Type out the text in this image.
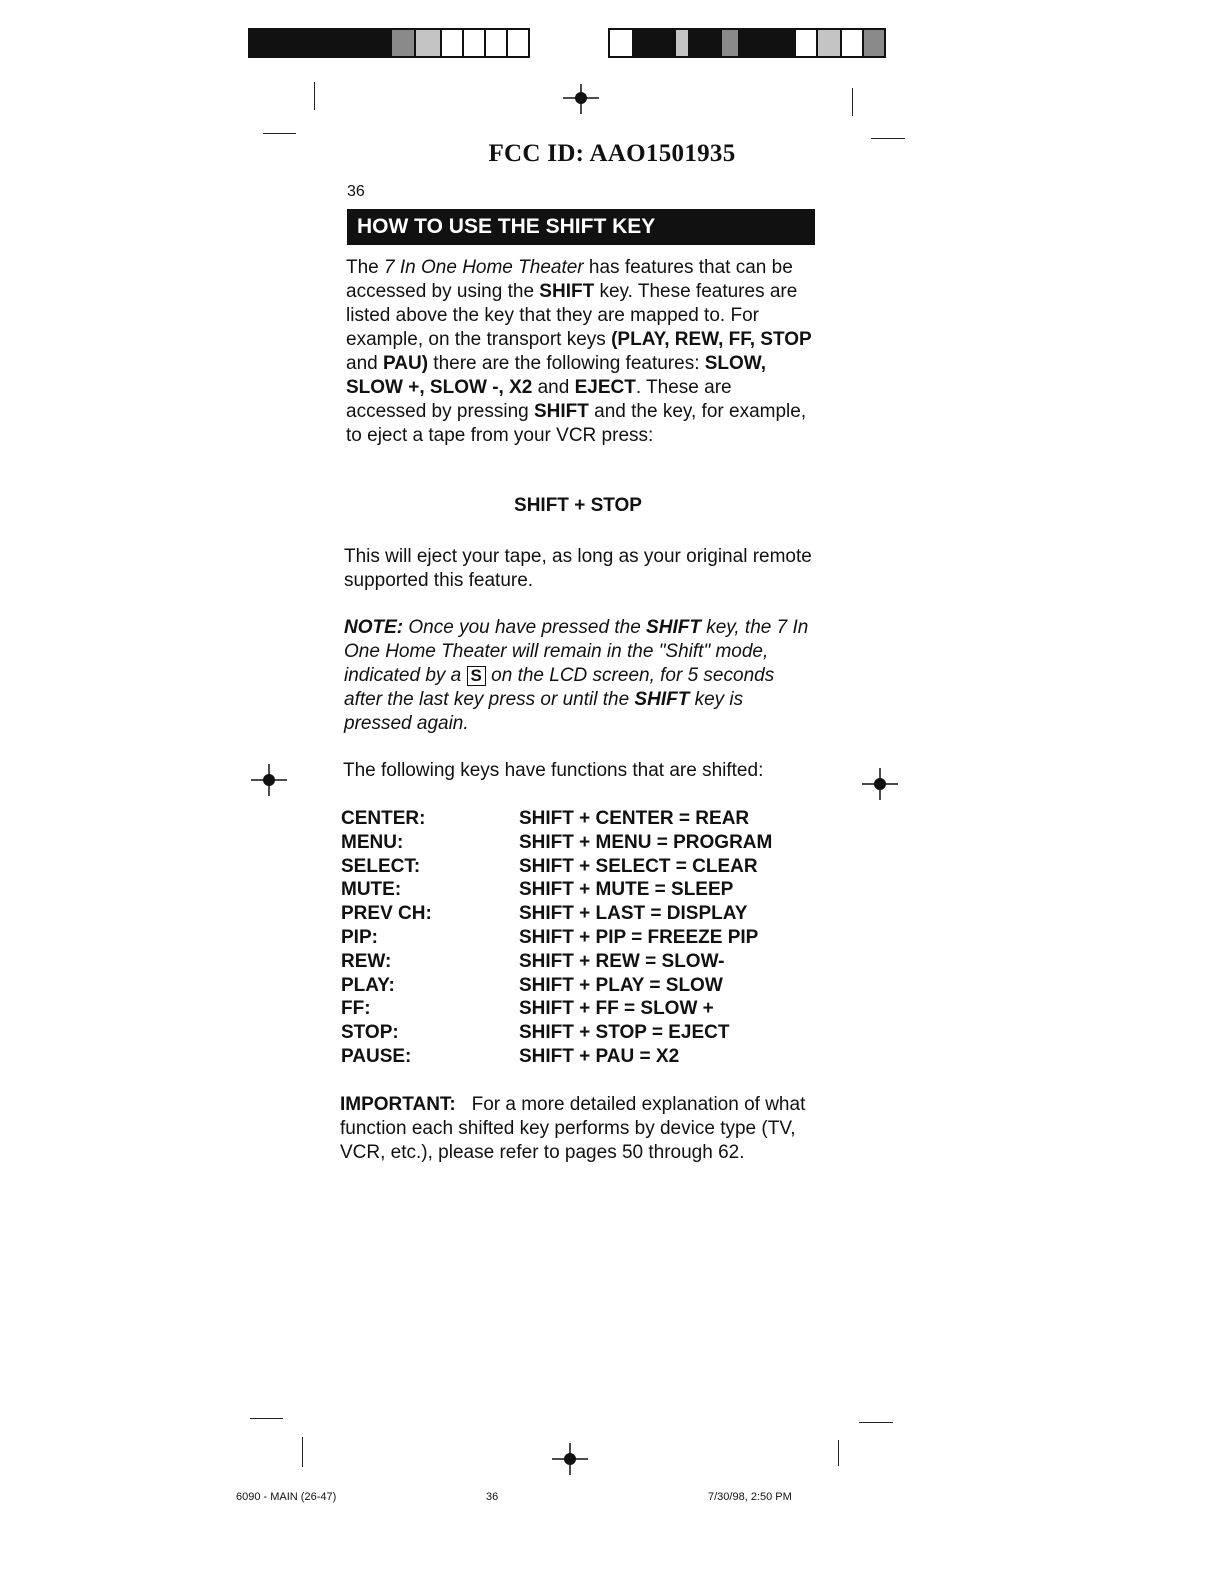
FCC ID: AAO1501935
36
HOW TO USE THE SHIFT KEY
The 7 In One Home Theater has features that can be accessed by using the SHIFT key. These features are listed above the key that they are mapped to. For example, on the transport keys (PLAY, REW, FF, STOP and PAU) there are the following features: SLOW, SLOW +, SLOW -, X2 and EJECT. These are accessed by pressing SHIFT and the key, for example, to eject a tape from your VCR press:
SHIFT + STOP
This will eject your tape, as long as your original remote supported this feature.
NOTE: Once you have pressed the SHIFT key, the 7 In One Home Theater will remain in the "Shift" mode, indicated by a S on the LCD screen, for 5 seconds after the last key press or until the SHIFT key is pressed again.
The following keys have functions that are shifted:
CENTER:	SHIFT + CENTER = REAR
MENU:	SHIFT + MENU = PROGRAM
SELECT:	SHIFT + SELECT = CLEAR
MUTE:	SHIFT + MUTE = SLEEP
PREV CH:	SHIFT + LAST = DISPLAY
PIP:	SHIFT + PIP = FREEZE PIP
REW:	SHIFT + REW = SLOW-
PLAY:	SHIFT + PLAY = SLOW
FF:	SHIFT + FF = SLOW +
STOP:	SHIFT + STOP = EJECT
PAUSE:	SHIFT + PAU = X2
IMPORTANT: For a more detailed explanation of what function each shifted key performs by device type (TV, VCR, etc.), please refer to pages 50 through 62.
6090 - MAIN (26-47)	36	7/30/98, 2:50 PM
